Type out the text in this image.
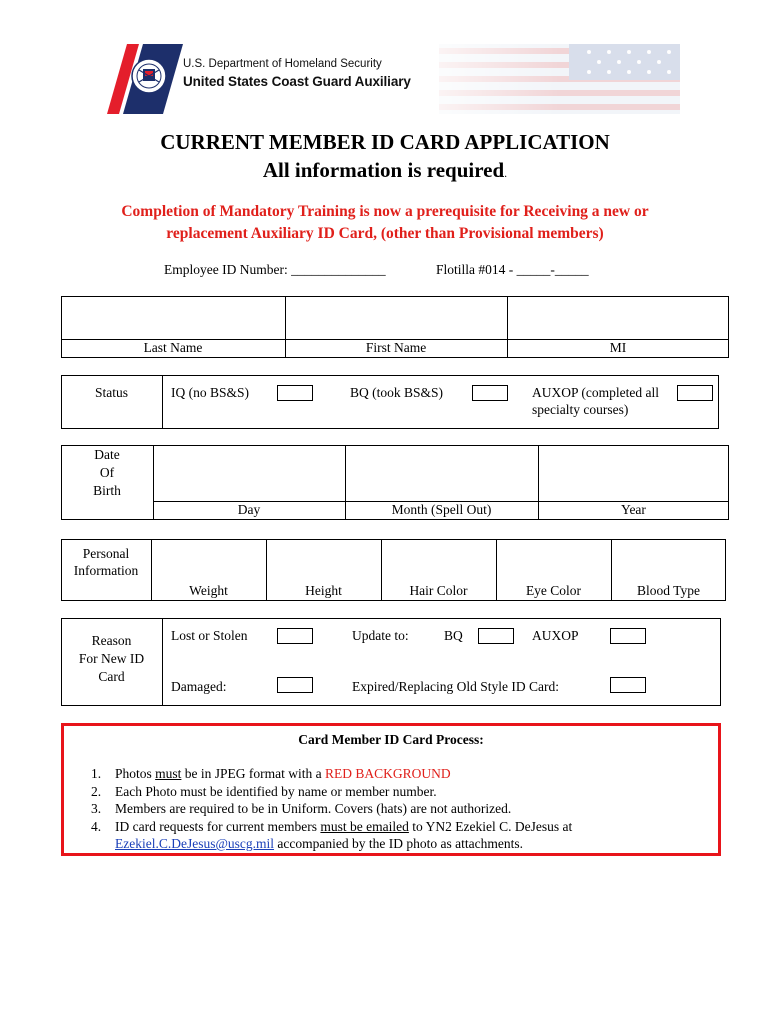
U.S. Department of Homeland Security
United States Coast Guard Auxiliary
CURRENT MEMBER ID CARD APPLICATION
All information is required.
Completion of Mandatory Training is now a prerequisite for Receiving a new or
replacement Auxiliary ID Card, (other than Provisional members)
Employee ID Number: ______________	Flotilla #014 - _____-_____
Last Name	First Name	MI
Status	IQ (no BS&S)	BQ (took BS&S)	AUXOP (completed all
specialty courses)
Date
Of
Birth
Day	Month (Spell Out)	Year
Personal
Information
Weight	Height	Hair Color	Eye Color	Blood Type
Reason
For New ID
Card
Lost or Stolen	Update to:	BQ	AUXOP
Damaged:	Expired/Replacing Old Style ID Card:
Card Member ID Card Process:
1. Photos must be in JPEG format with a RED BACKGROUND
2. Each Photo must be identified by name or member number.
3. Members are required to be in Uniform. Covers (hats) are not authorized.
4. ID card requests for current members must be emailed to YN2 Ezekiel C. DeJesus at
Ezekiel.C.DeJesus@uscg.mil accompanied by the ID photo as attachments.
